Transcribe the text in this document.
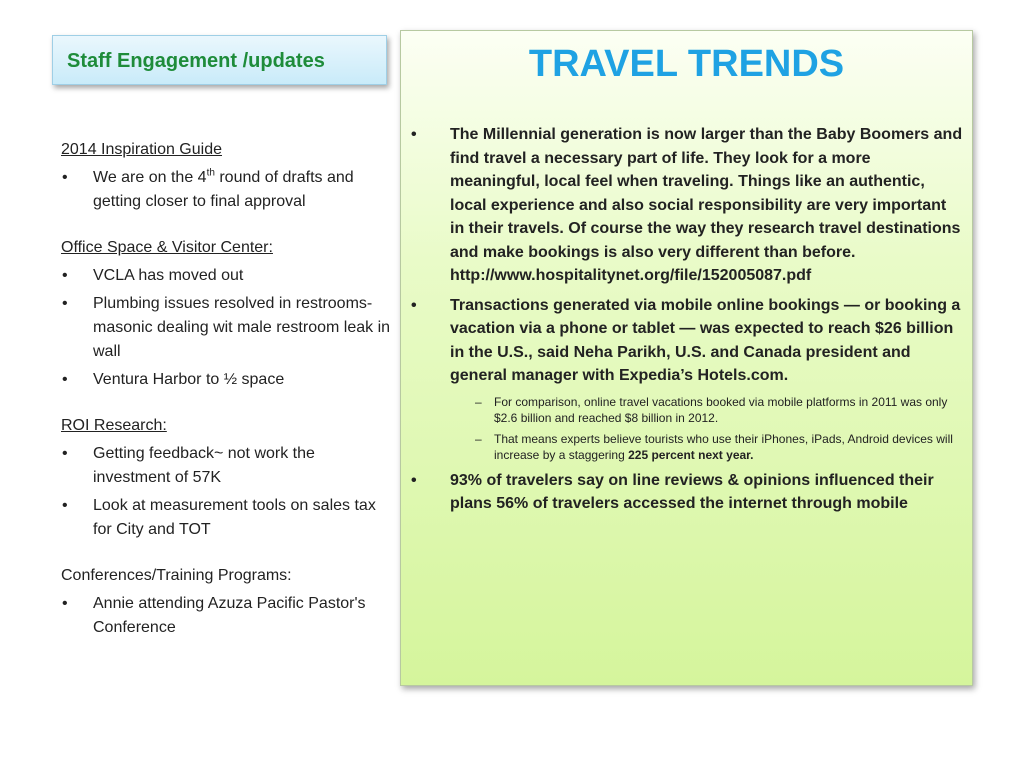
Staff Engagement /updates
2014 Inspiration Guide
• We are on the 4th round of drafts and getting closer to final approval
Office Space & Visitor Center:
• VCLA has moved out
• Plumbing issues resolved in restrooms- masonic dealing wit male restroom leak in wall
• Ventura Harbor to ½ space
ROI Research:
• Getting feedback~ not work the investment of 57K
• Look at measurement tools on sales tax for City and TOT
Conferences/Training Programs:
• Annie attending Azuza Pacific Pastor's Conference
TRAVEL TRENDS
• The Millennial generation is now larger than the Baby Boomers and find travel a necessary part of life. They look for a more meaningful, local feel when traveling. Things like an authentic, local experience and also social responsibility are very important in their travels. Of course the way they research travel destinations and make bookings is also very different than before. http://www.hospitalitynet.org/file/152005087.pdf
• Transactions generated via mobile online bookings — or booking a vacation via a phone or tablet — was expected to reach $26 billion in the U.S., said Neha Parikh, U.S. and Canada president and general manager with Expedia’s Hotels.com.
– For comparison, online travel vacations booked via mobile platforms in 2011 was only $2.6 billion and reached $8 billion in 2012.
– That means experts believe tourists who use their iPhones, iPads, Android devices will increase by a staggering 225 percent next year.
• 93% of travelers say on line reviews & opinions influenced their plans 56% of travelers accessed the internet through mobile
